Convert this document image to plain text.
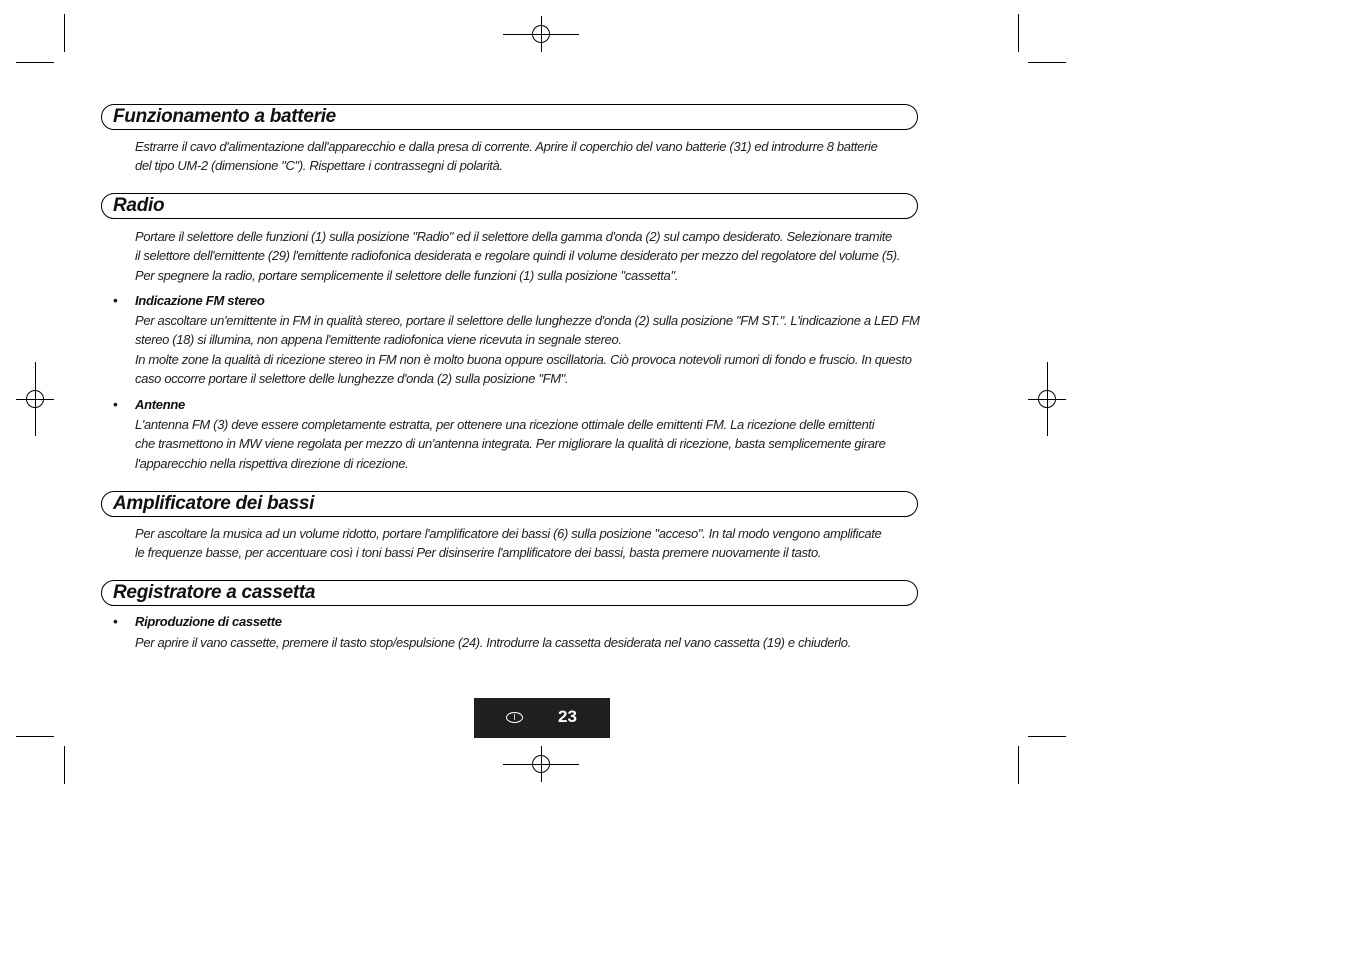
Funzionamento a batterie

Estrarre il cavo d'alimentazione dall'apparecchio e dalla presa di corrente. Aprire il coperchio del vano batterie (31) ed introdurre 8 batterie
del tipo UM-2 (dimensione "C"). Rispettare i contrassegni di polarità.

Radio

Portare il selettore delle funzioni (1) sulla posizione "Radio" ed il selettore della gamma d'onda (2) sul campo desiderato. Selezionare tramite
il selettore dell'emittente (29) l'emittente radiofonica desiderata e regolare quindi il volume desiderato per mezzo del regolatore del volume (5).
Per spegnere la radio, portare semplicemente il selettore delle funzioni (1) sulla posizione "cassetta".

• Indicazione FM stereo

Per ascoltare un'emittente in FM in qualità stereo, portare il selettore delle lunghezze d'onda (2) sulla posizione "FM ST.". L'indicazione a LED FM
stereo (18) si illumina, non appena l'emittente radiofonica viene ricevuta in segnale stereo.
In molte zone la qualità di ricezione stereo in FM non è molto buona oppure oscillatoria. Ciò provoca notevoli rumori di fondo e fruscio. In questo
caso occorre portare il selettore delle lunghezze d'onda (2) sulla posizione "FM".

• Antenne

L'antenna FM (3) deve essere completamente estratta, per ottenere una ricezione ottimale delle emittenti FM. La ricezione delle emittenti
che trasmettono in MW viene regolata per mezzo di un'antenna integrata. Per migliorare la qualità di ricezione, basta semplicemente girare
l'apparecchio nella rispettiva direzione di ricezione.

Amplificatore dei bassi

Per ascoltare la musica ad un volume ridotto, portare l'amplificatore dei bassi (6) sulla posizione "acceso". In tal modo vengono amplificate
le frequenze basse, per accentuare così i toni bassi Per disinserire l'amplificatore dei bassi, basta premere nuovamente il tasto.

Registratore a cassetta
• Riproduzione di cassette

Per aprire il vano cassette, premere il tasto stop/espulsione (24). Introdurre la cassetta desiderata nel vano cassetta (19) e chiuderlo.

I	23
